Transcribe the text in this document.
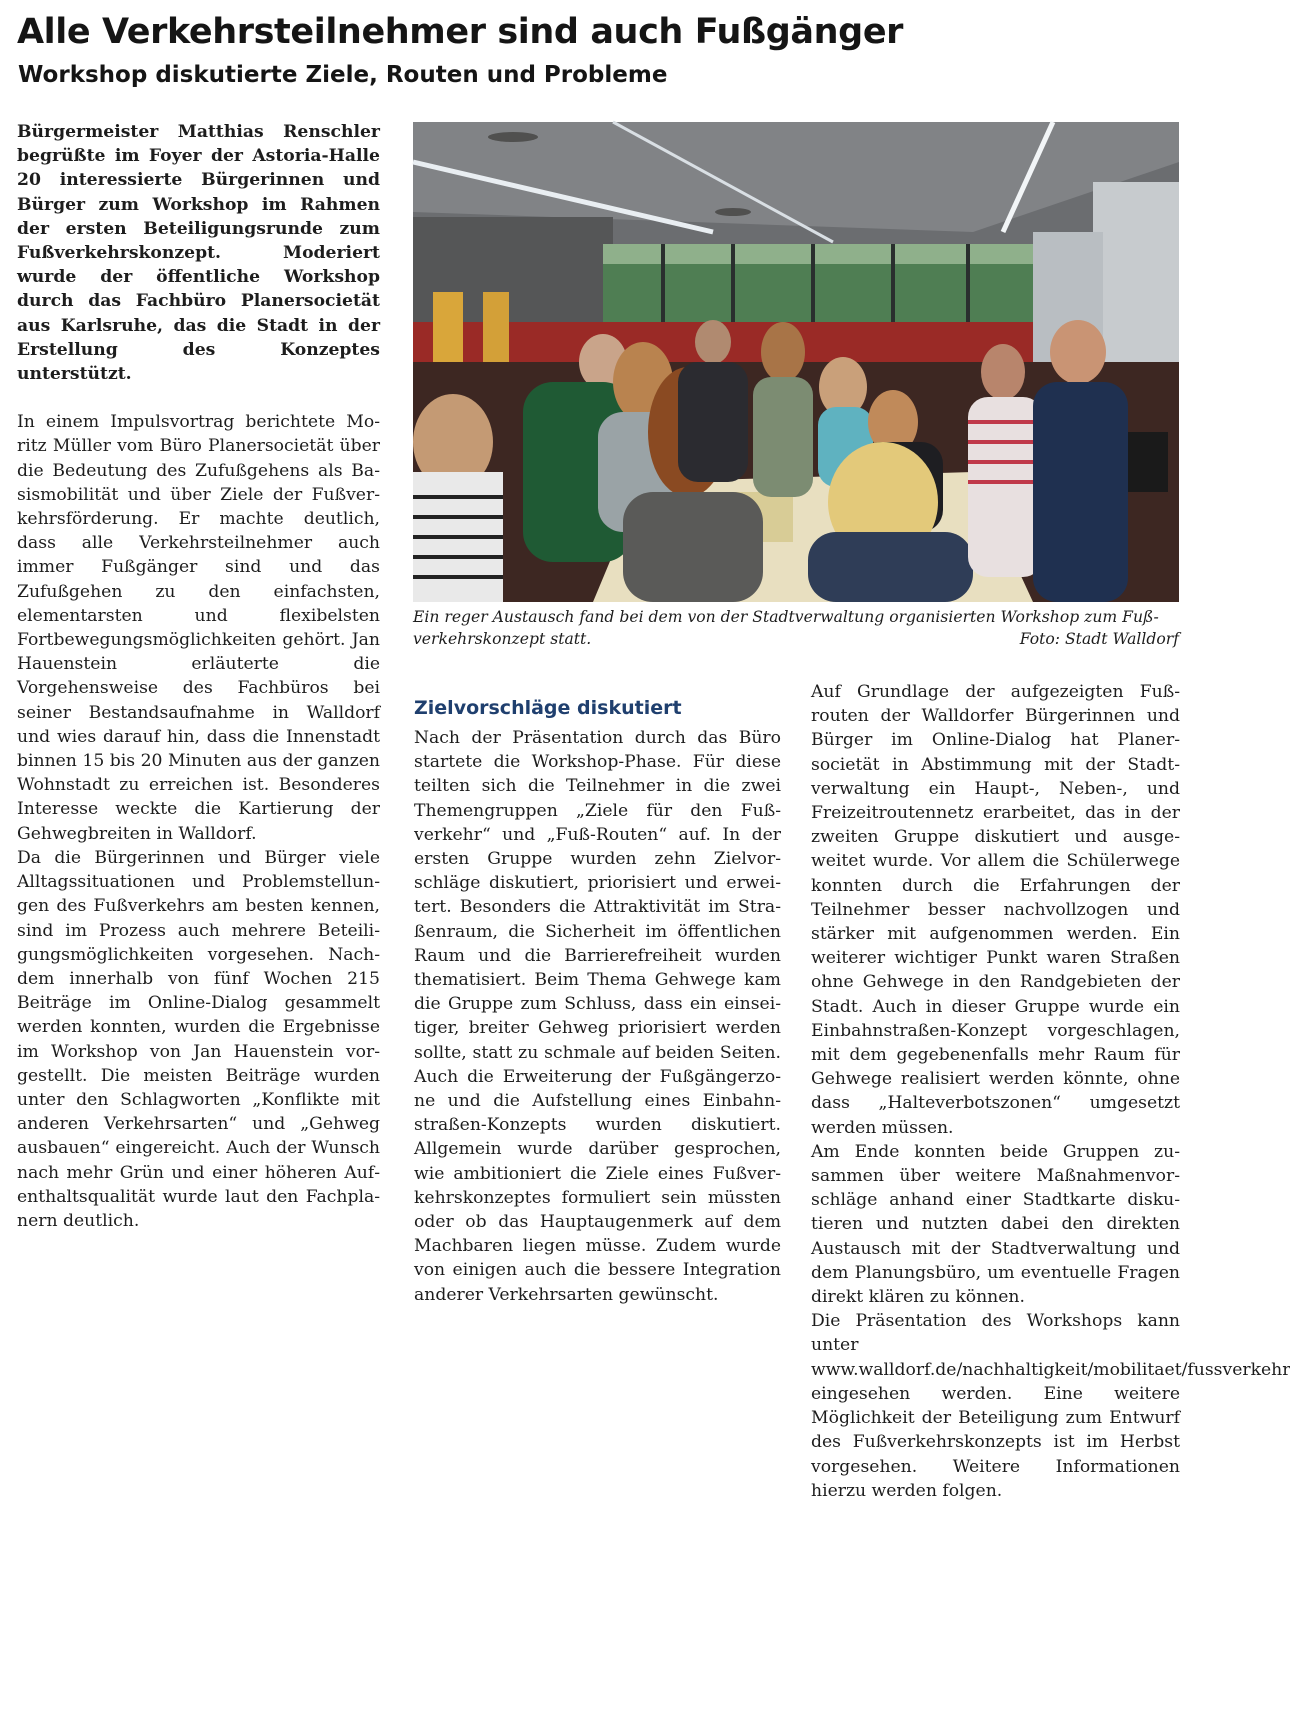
Alle Verkehrsteilnehmer sind auch Fußgänger
Workshop diskutierte Ziele, Routen und Probleme

Bürgermeister Matthias Renschler begrüßte im Foyer der Astoria-Halle 20 interessierte Bürgerinnen und Bürger zum Workshop im Rahmen der ersten Beteiligungsrunde zum Fußverkehrskonzept. Moderiert wurde der öffentliche Workshop durch das Fachbüro Planersocietät aus Karlsruhe, das die Stadt in der Erstellung des Konzeptes unterstützt.

In einem Impulsvortrag berichtete Moritz Müller vom Büro Planersocietät über die Bedeutung des Zufußgehens als Basismobilität und über Ziele der Fußverkehrsförderung. Er machte deutlich, dass alle Verkehrsteilnehmer auch immer Fußgänger sind und das Zufußgehen zu den einfachsten, elementarsten und flexibelsten Fortbewegungsmöglichkeiten gehört. Jan Hauenstein erläuterte die Vorgehensweise des Fachbüros bei seiner Bestandsaufnahme in Walldorf und wies darauf hin, dass die Innenstadt binnen 15 bis 20 Minuten aus der ganzen Wohnstadt zu erreichen ist. Besonderes Interesse weckte die Kartierung der Gehwegbreiten in Walldorf.

Da die Bürgerinnen und Bürger viele Alltagssituationen und Problemstellungen des Fußverkehrs am besten kennen, sind im Prozess auch mehrere Beteiligungsmöglichkeiten vorgesehen. Nachdem innerhalb von fünf Wochen 215 Beiträge im Online-Dialog gesammelt werden konnten, wurden die Ergebnisse im Workshop von Jan Hauenstein vorgestellt. Die meisten Beiträge wurden unter den Schlagworten „Konflikte mit anderen Verkehrsarten“ und „Gehweg ausbauen“ eingereicht. Auch der Wunsch nach mehr Grün und einer höheren Aufenthaltsqualität wurde laut den Fachplanern deutlich.

Ein reger Austausch fand bei dem von der Stadtverwaltung organisierten Workshop zum Fußverkehrskonzept statt.	Foto: Stadt Walldorf
Zielvorschläge diskutiert

Nach der Präsentation durch das Büro startete die Workshop-Phase. Für diese teilten sich die Teilnehmer in die zwei Themengruppen „Ziele für den Fußverkehr“ und „Fuß-Routen“ auf. In der ersten Gruppe wurden zehn Zielvorschläge diskutiert, priorisiert und erweitert. Besonders die Attraktivität im Straßenraum, die Sicherheit im öffentlichen Raum und die Barrierefreiheit wurden thematisiert. Beim Thema Gehwege kam die Gruppe zum Schluss, dass ein einseitiger, breiter Gehweg priorisiert werden sollte, statt zu schmale auf beiden Seiten. Auch die Erweiterung der Fußgängerzone und die Aufstellung eines Einbahnstraßen-Konzepts wurden diskutiert. Allgemein wurde darüber gesprochen, wie ambitioniert die Ziele eines Fußverkehrskonzeptes formuliert sein müssten oder ob das Hauptaugenmerk auf dem Machbaren liegen müsse. Zudem wurde von einigen auch die bessere Integration anderer Verkehrsarten gewünscht.

Auf Grundlage der aufgezeigten Fußrouten der Walldorfer Bürgerinnen und Bürger im Online-Dialog hat Planersocietät in Abstimmung mit der Stadtverwaltung ein Haupt-, Neben-, und Freizeitroutennetz erarbeitet, das in der zweiten Gruppe diskutiert und ausgeweitet wurde. Vor allem die Schülerwege konnten durch die Erfahrungen der Teilnehmer besser nachvollzogen und stärker mit aufgenommen werden. Ein weiterer wichtiger Punkt waren Straßen ohne Gehwege in den Randgebieten der Stadt. Auch in dieser Gruppe wurde ein Einbahnstraßen-Konzept vorgeschlagen, mit dem gegebenenfalls mehr Raum für Gehwege realisiert werden könnte, ohne dass „Halteverbotszonen“ umgesetzt werden müssen.

Am Ende konnten beide Gruppen zusammen über weitere Maßnahmenvorschläge anhand einer Stadtkarte diskutieren und nutzten dabei den direkten Austausch mit der Stadtverwaltung und dem Planungsbüro, um eventuelle Fragen direkt klären zu können.

Die Präsentation des Workshops kann unter www.walldorf.de/nachhaltigkeit/mobilitaet/fussverkehr eingesehen werden. Eine weitere Möglichkeit der Beteiligung zum Entwurf des Fußverkehrskonzepts ist im Herbst vorgesehen. Weitere Informationen hierzu werden folgen.
